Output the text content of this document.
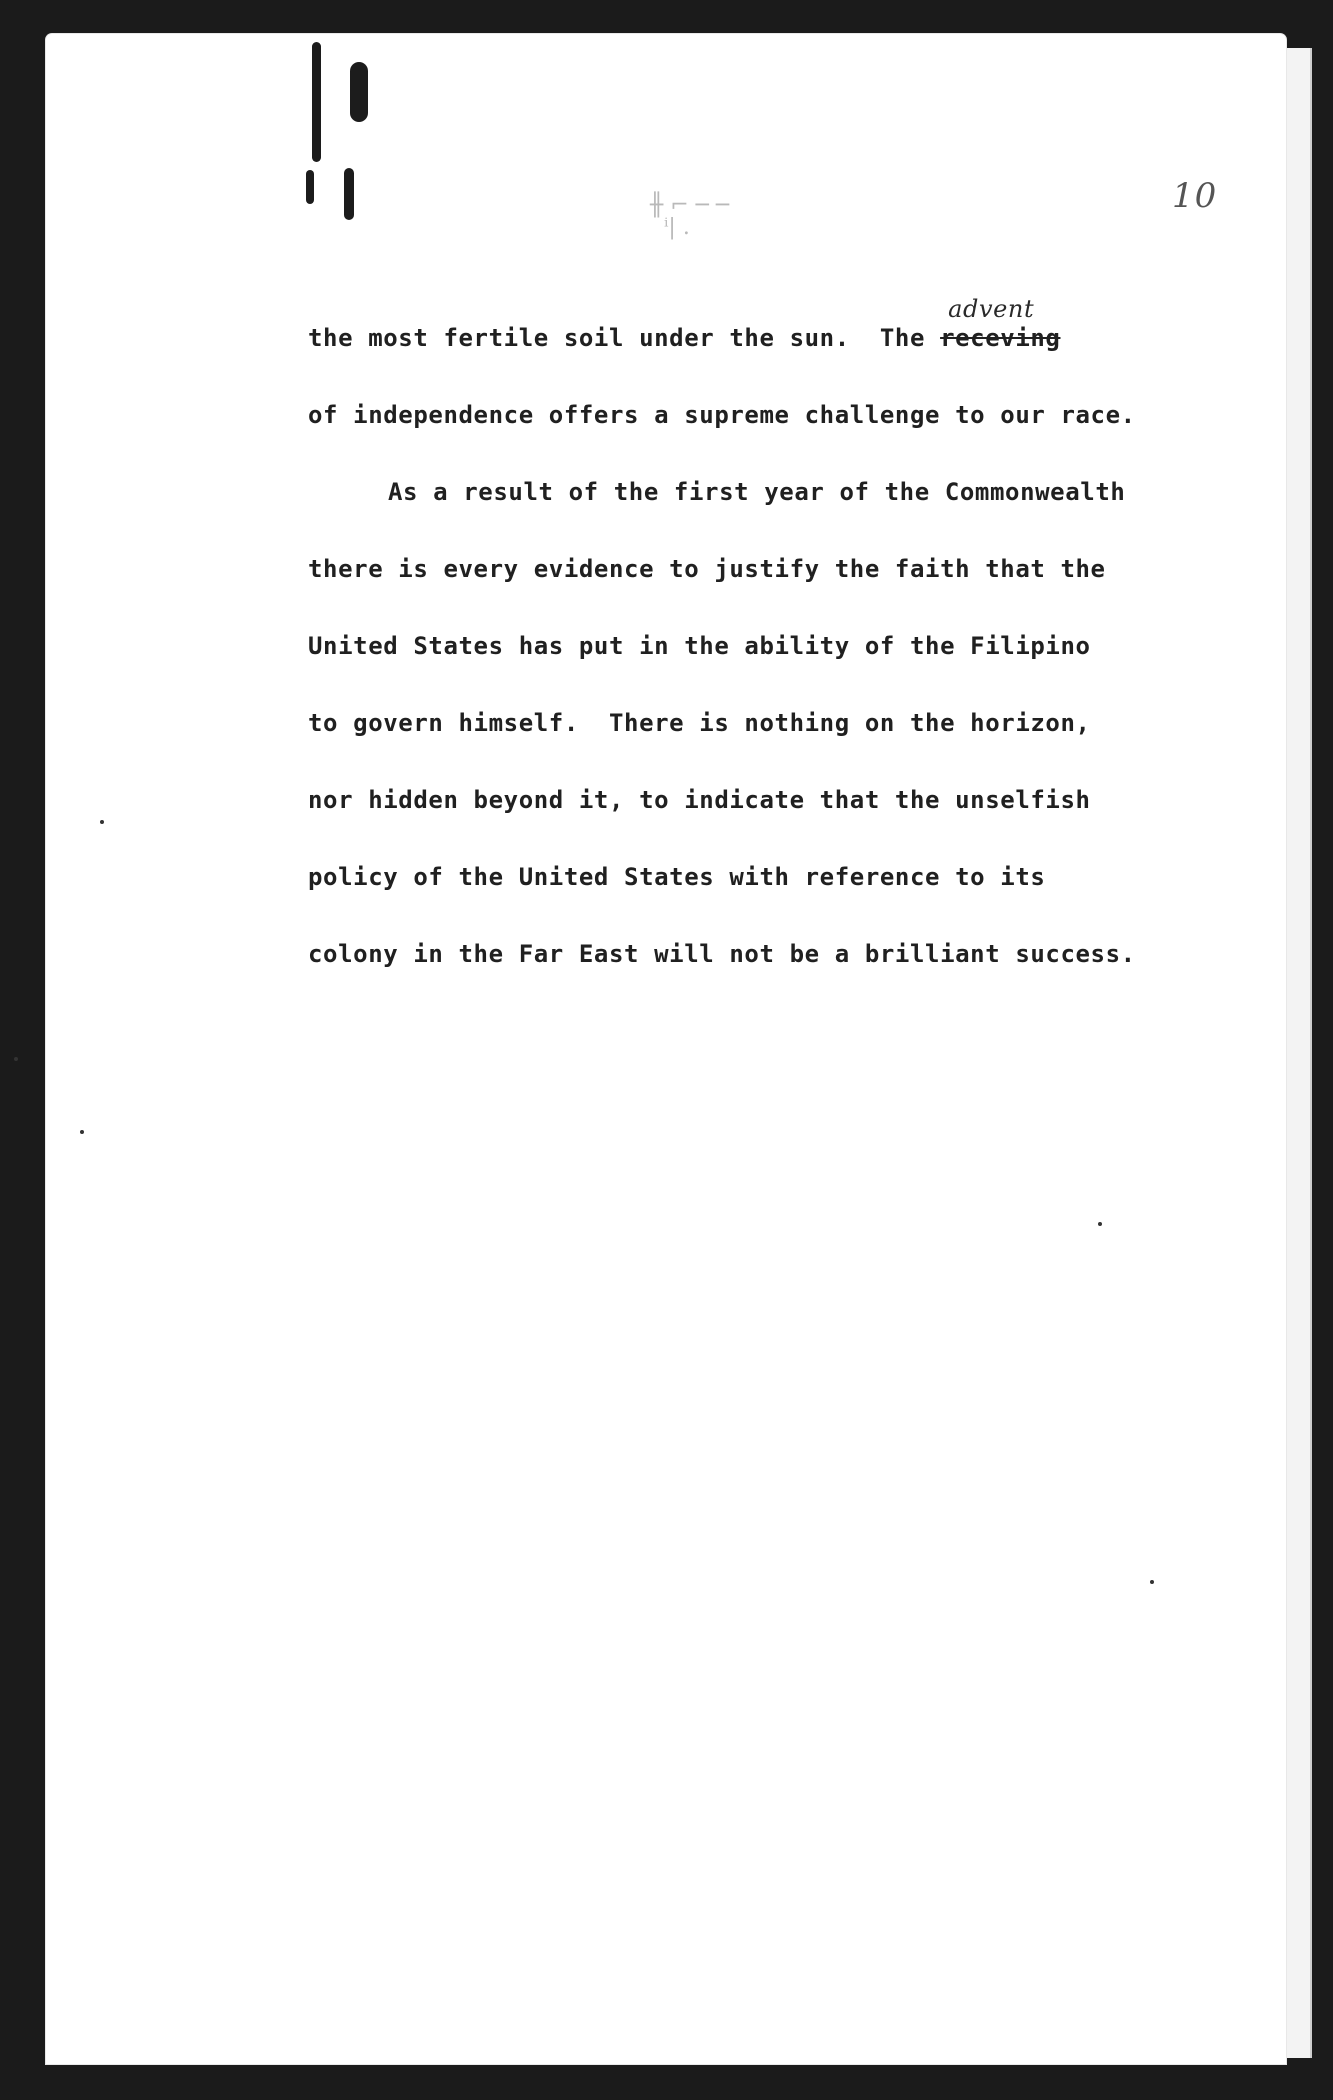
╫ ⌐ ─ ─
ⁱ| .
10
the most fertile soil under the sun.  The
advent
receving
of independence offers a supreme challenge to our race.
As a result of the first year of the Commonwealth
there is every evidence to justify the faith that the
United States has put in the ability of the Filipino
to govern himself.  There is nothing on the horizon,
nor hidden beyond it, to indicate that the unselfish
policy of the United States with reference to its
colony in the Far East will not be a brilliant success.
